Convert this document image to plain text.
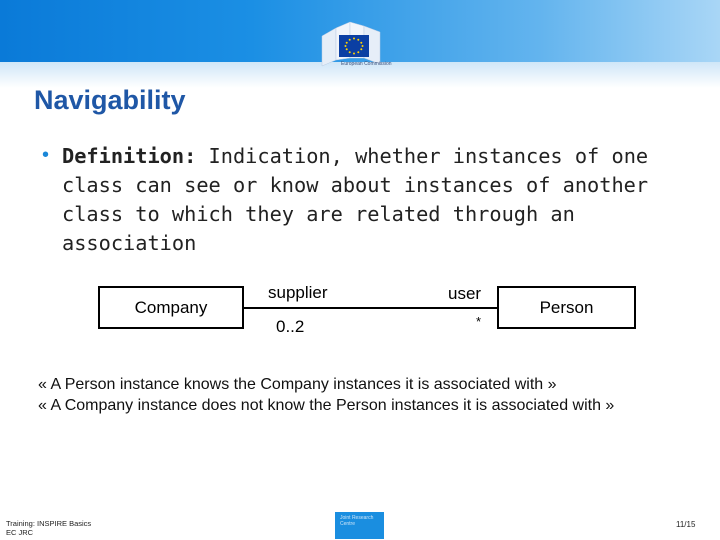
European Commission
Navigability
• Definition: Indication, whether instances of one class can see or know about instances of another class to which they are related through an association
Company	Person
supplier	user
0..2	*
« A Person instance knows the Company instances it is associated with »
« A Company instance does not know the Person instances it is associated with »
Training: INSPIRE Basics
EC JRC
Joint Research Centre	11/15
